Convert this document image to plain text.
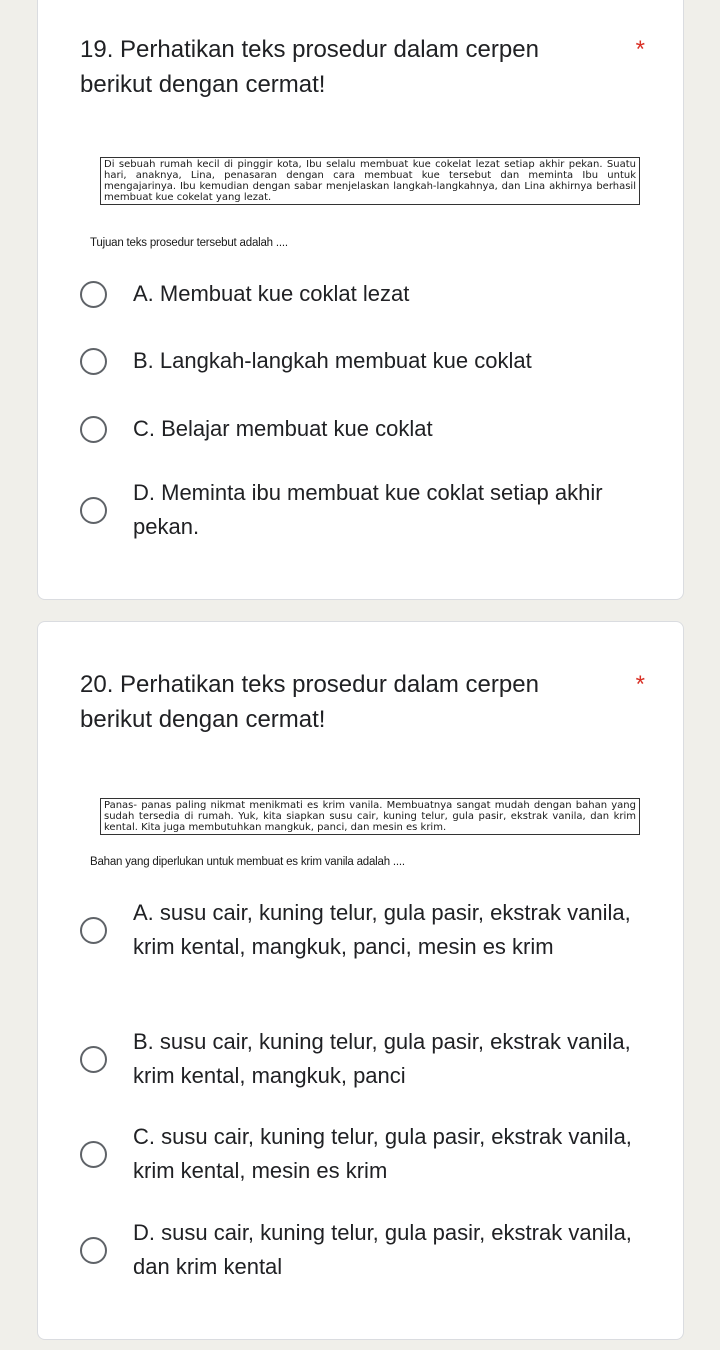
19. Perhatikan teks prosedur dalam cerpen berikut dengan cermat!
*
Di sebuah rumah kecil di pinggir kota, Ibu selalu membuat kue cokelat lezat setiap akhir pekan. Suatu hari, anaknya, Lina, penasaran dengan cara membuat kue tersebut dan meminta Ibu untuk mengajarinya. Ibu kemudian dengan sabar menjelaskan langkah-langkahnya, dan Lina akhirnya berhasil membuat kue cokelat yang lezat.
Tujuan teks prosedur tersebut adalah ....
A. Membuat kue coklat lezat
B. Langkah-langkah membuat kue coklat
C. Belajar membuat kue coklat
D. Meminta ibu membuat kue coklat setiap akhir pekan.
20. Perhatikan teks prosedur dalam cerpen berikut dengan cermat!
*
Panas- panas paling nikmat menikmati es krim vanila. Membuatnya sangat mudah dengan bahan yang sudah tersedia di rumah. Yuk, kita siapkan susu cair, kuning telur, gula pasir, ekstrak vanila, dan krim kental. Kita juga membutuhkan mangkuk, panci, dan mesin es krim.
Bahan yang diperlukan untuk membuat es krim vanila adalah ....
A. susu cair, kuning telur, gula pasir, ekstrak vanila, krim kental, mangkuk, panci, mesin es krim
B. susu cair, kuning telur, gula pasir, ekstrak vanila, krim kental, mangkuk, panci
C. susu cair, kuning telur, gula pasir, ekstrak vanila, krim kental, mesin es krim
D. susu cair, kuning telur, gula pasir, ekstrak vanila, dan krim kental
